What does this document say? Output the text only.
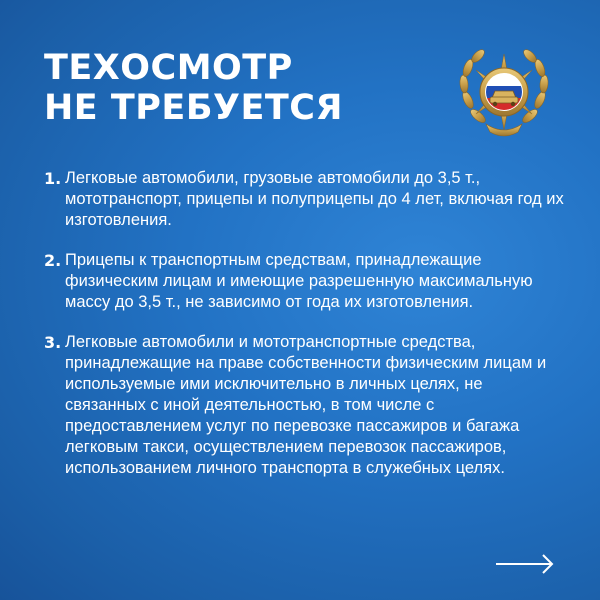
ТЕХОСМОТР
НЕ ТРЕБУЕТСЯ
1. Легковые автомобили, грузовые автомобили до 3,5 т., мототранспорт, прицепы и полуприцепы до 4 лет, включая год их изготовления.
2. Прицепы к транспортным средствам, принадлежащие физическим лицам и имеющие разрешенную максимальную массу до 3,5 т., не зависимо от года их изготовления.
3. Легковые автомобили и мототранспортные средства, принадлежащие на праве собственности физическим лицам и используемые ими исключительно в личных целях, не связанных с иной деятельностью, в том числе с предоставлением услуг по перевозке пассажиров и багажа легковым такси, осуществлением перевозок пассажиров, использованием личного транспорта в служебных целях.
